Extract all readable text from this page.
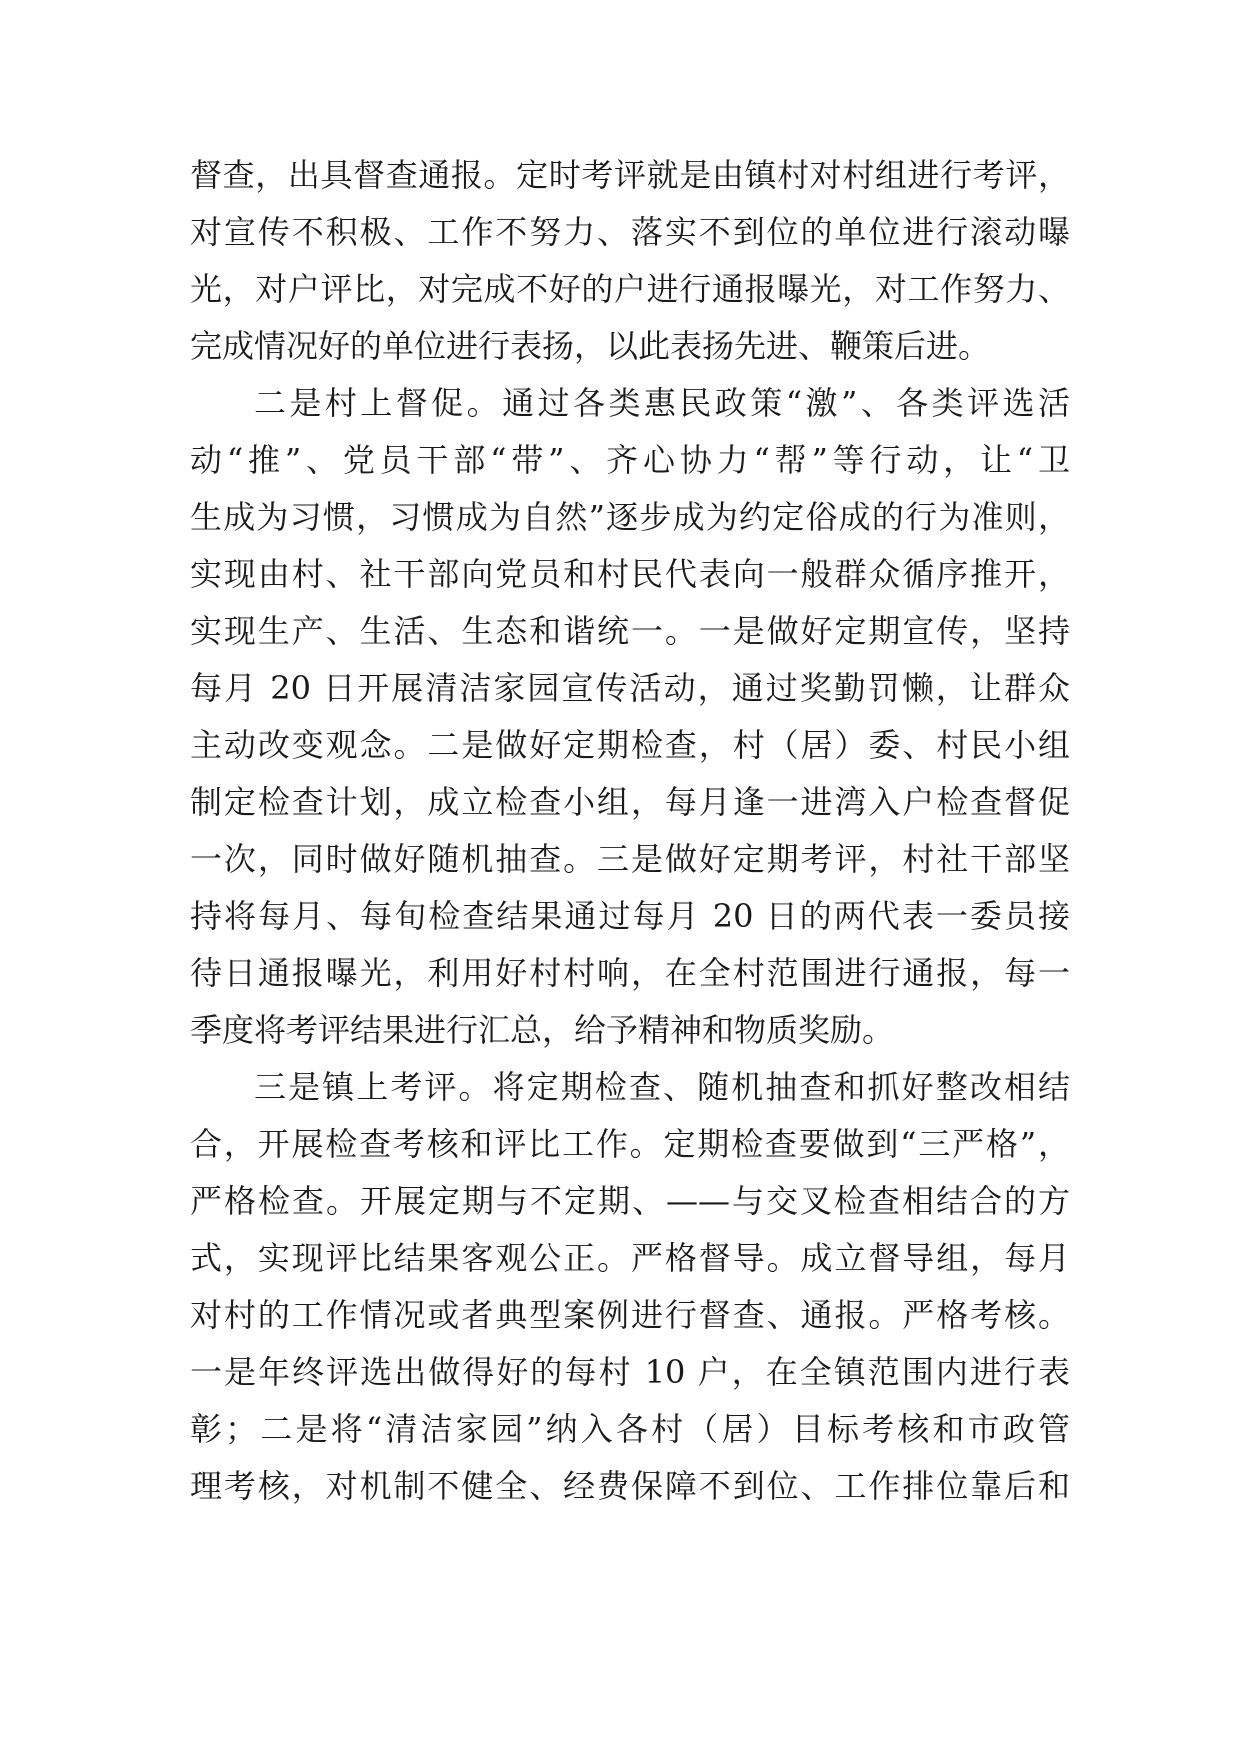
督查，出具督查通报。定时考评就是由镇村对村组进行考评，
对宣传不积极、工作不努力、落实不到位的单位进行滚动曝
光，对户评比，对完成不好的户进行通报曝光，对工作努力、
完成情况好的单位进行表扬，以此表扬先进、鞭策后进。
二是村上督促。通过各类惠民政策“激”、各类评选活
动“推”、党员干部“带”、齐心协力“帮”等行动，让“卫
生成为习惯，习惯成为自然”逐步成为约定俗成的行为准则，
实现由村、社干部向党员和村民代表向一般群众循序推开，
实现生产、生活、生态和谐统一。一是做好定期宣传，坚持
每月 20 日开展清洁家园宣传活动，通过奖勤罚懒，让群众
主动改变观念。二是做好定期检查，村（居）委、村民小组
制定检查计划，成立检查小组，每月逢一进湾入户检查督促
一次，同时做好随机抽查。三是做好定期考评，村社干部坚
持将每月、每旬检查结果通过每月 20 日的两代表一委员接
待日通报曝光，利用好村村响，在全村范围进行通报，每一
季度将考评结果进行汇总，给予精神和物质奖励。
三是镇上考评。将定期检查、随机抽查和抓好整改相结
合，开展检查考核和评比工作。定期检查要做到“三严格”，
严格检查。开展定期与不定期、——与交叉检查相结合的方
式，实现评比结果客观公正。严格督导。成立督导组，每月
对村的工作情况或者典型案例进行督查、通报。严格考核。
一是年终评选出做得好的每村 10 户，在全镇范围内进行表
彰；二是将“清洁家园”纳入各村（居）目标考核和市政管
理考核，对机制不健全、经费保障不到位、工作排位靠后和
